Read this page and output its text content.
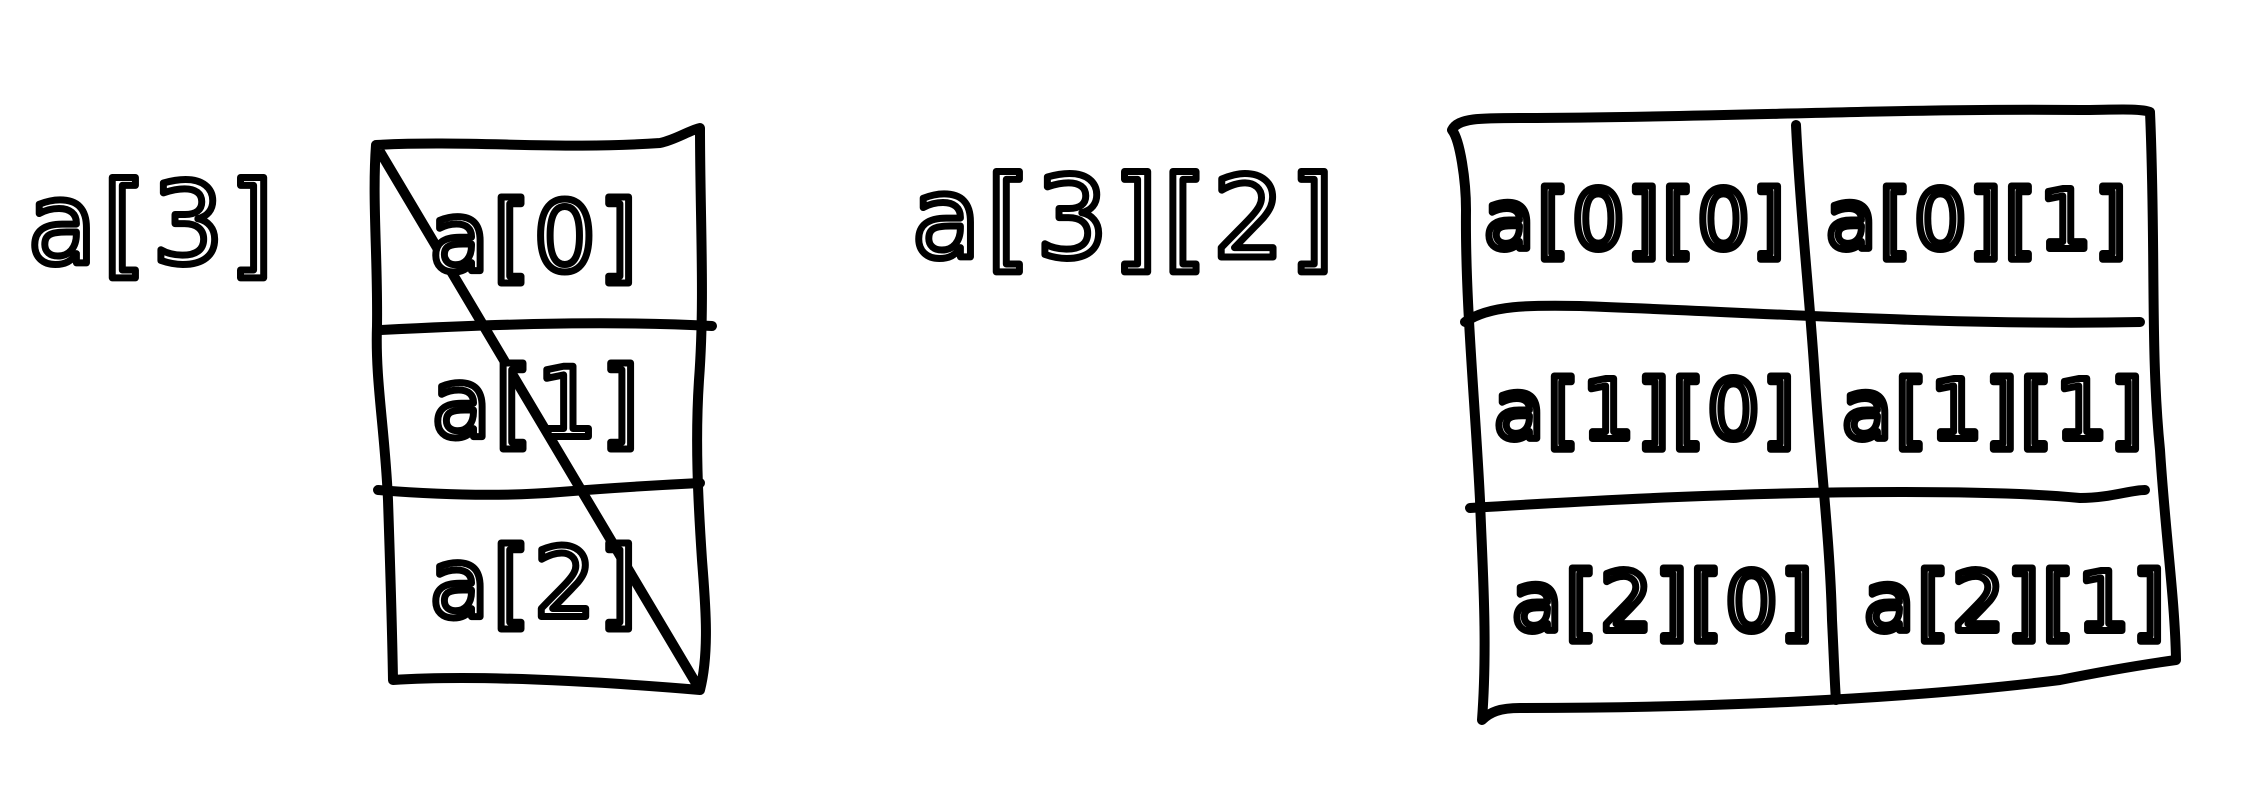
a[3] a[0]
a[1]
a[2]
a[3][2] a[0][0] a[0][1]
a[1][0] a[1][1]
a[2][0] a[2][1]
